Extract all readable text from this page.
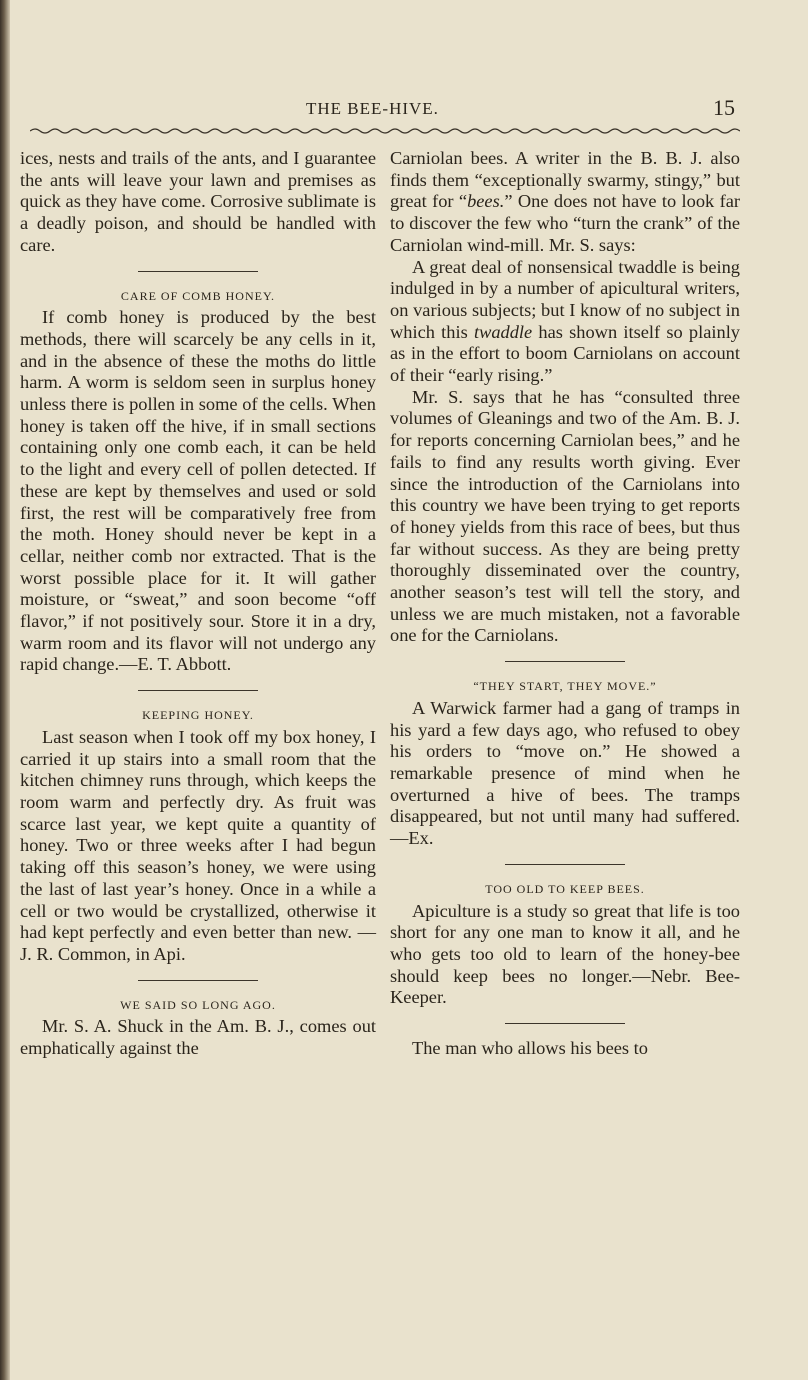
THE BEE-HIVE.	15

ices, nests and trails of the ants, and I guarantee the ants will leave your lawn and premises as quick as they have come. Corrosive sublimate is a deadly poison, and should be handled with care.

CARE OF COMB HONEY.

If comb honey is produced by the best methods, there will scarcely be any cells in it, and in the absence of these the moths do little harm. A worm is seldom seen in surplus honey unless there is pollen in some of the cells. When honey is taken off the hive, if in small sections containing only one comb each, it can be held to the light and every cell of pollen detected. If these are kept by themselves and used or sold first, the rest will be comparatively free from the moth. Honey should never be kept in a cellar, neither comb nor extracted. That is the worst possible place for it. It will gather moisture, or “sweat,” and soon become “off flavor,” if not positively sour. Store it in a dry, warm room and its flavor will not undergo any rapid change.—E. T. Abbott.

KEEPING HONEY.

Last season when I took off my box honey, I carried it up stairs into a small room that the kitchen chimney runs through, which keeps the room warm and perfectly dry. As fruit was scarce last year, we kept quite a quantity of honey. Two or three weeks after I had begun taking off this season’s honey, we were using the last of last year’s honey. Once in a while a cell or two would be crystallized, otherwise it had kept perfectly and even better than new. —J. R. Common, in Api.

WE SAID SO LONG AGO.

Mr. S. A. Shuck in the Am. B. J., comes out emphatically against the

Carniolan bees. A writer in the B. B. J. also finds them “exceptionally swarmy, stingy,” but great for “bees.” One does not have to look far to discover the few who “turn the crank” of the Carniolan wind-mill. Mr. S. says:

A great deal of nonsensical twaddle is being indulged in by a number of apicultural writers, on various subjects; but I know of no subject in which this twaddle has shown itself so plainly as in the effort to boom Carniolans on account of their “early rising.”

Mr. S. says that he has “consulted three volumes of Gleanings and two of the Am. B. J. for reports concerning Carniolan bees,” and he fails to find any results worth giving. Ever since the introduction of the Carniolans into this country we have been trying to get reports of honey yields from this race of bees, but thus far without success. As they are being pretty thoroughly disseminated over the country, another season’s test will tell the story, and unless we are much mistaken, not a favorable one for the Carniolans.

“THEY START, THEY MOVE.”

A Warwick farmer had a gang of tramps in his yard a few days ago, who refused to obey his orders to “move on.” He showed a remarkable presence of mind when he overturned a hive of bees. The tramps disappeared, but not until many had suffered.—Ex.

TOO OLD TO KEEP BEES.

Apiculture is a study so great that life is too short for any one man to know it all, and he who gets too old to learn of the honey-bee should keep bees no longer.—Nebr. Bee-Keeper.

The man who allows his bees to
